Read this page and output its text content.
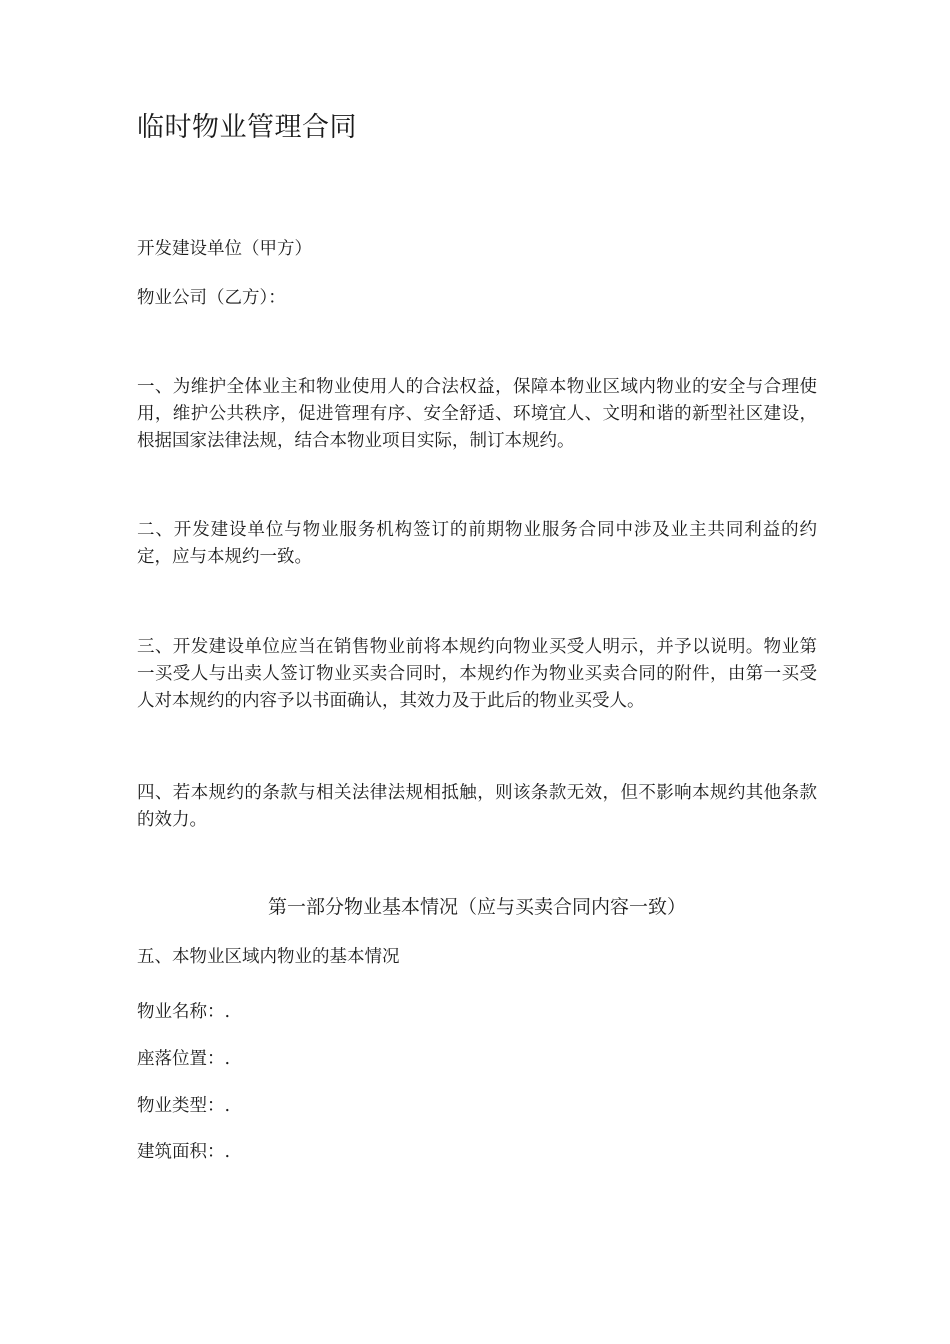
临时物业管理合同
开发建设单位（甲方）
物业公司（乙方）：
一、为维护全体业主和物业使用人的合法权益，保障本物业区域内物业的安全与合理使用，维护公共秩序，促进管理有序、安全舒适、环境宜人、文明和谐的新型社区建设，根据国家法律法规，结合本物业项目实际，制订本规约。
二、开发建设单位与物业服务机构签订的前期物业服务合同中涉及业主共同利益的约定，应与本规约一致。
三、开发建设单位应当在销售物业前将本规约向物业买受人明示，并予以说明。物业第一买受人与出卖人签订物业买卖合同时，本规约作为物业买卖合同的附件，由第一买受人对本规约的内容予以书面确认，其效力及于此后的物业买受人。
四、若本规约的条款与相关法律法规相抵触，则该条款无效，但不影响本规约其他条款的效力。
第一部分物业基本情况（应与买卖合同内容一致）
五、本物业区域内物业的基本情况
物业名称：.
座落位置：.
物业类型：.
建筑面积：.
